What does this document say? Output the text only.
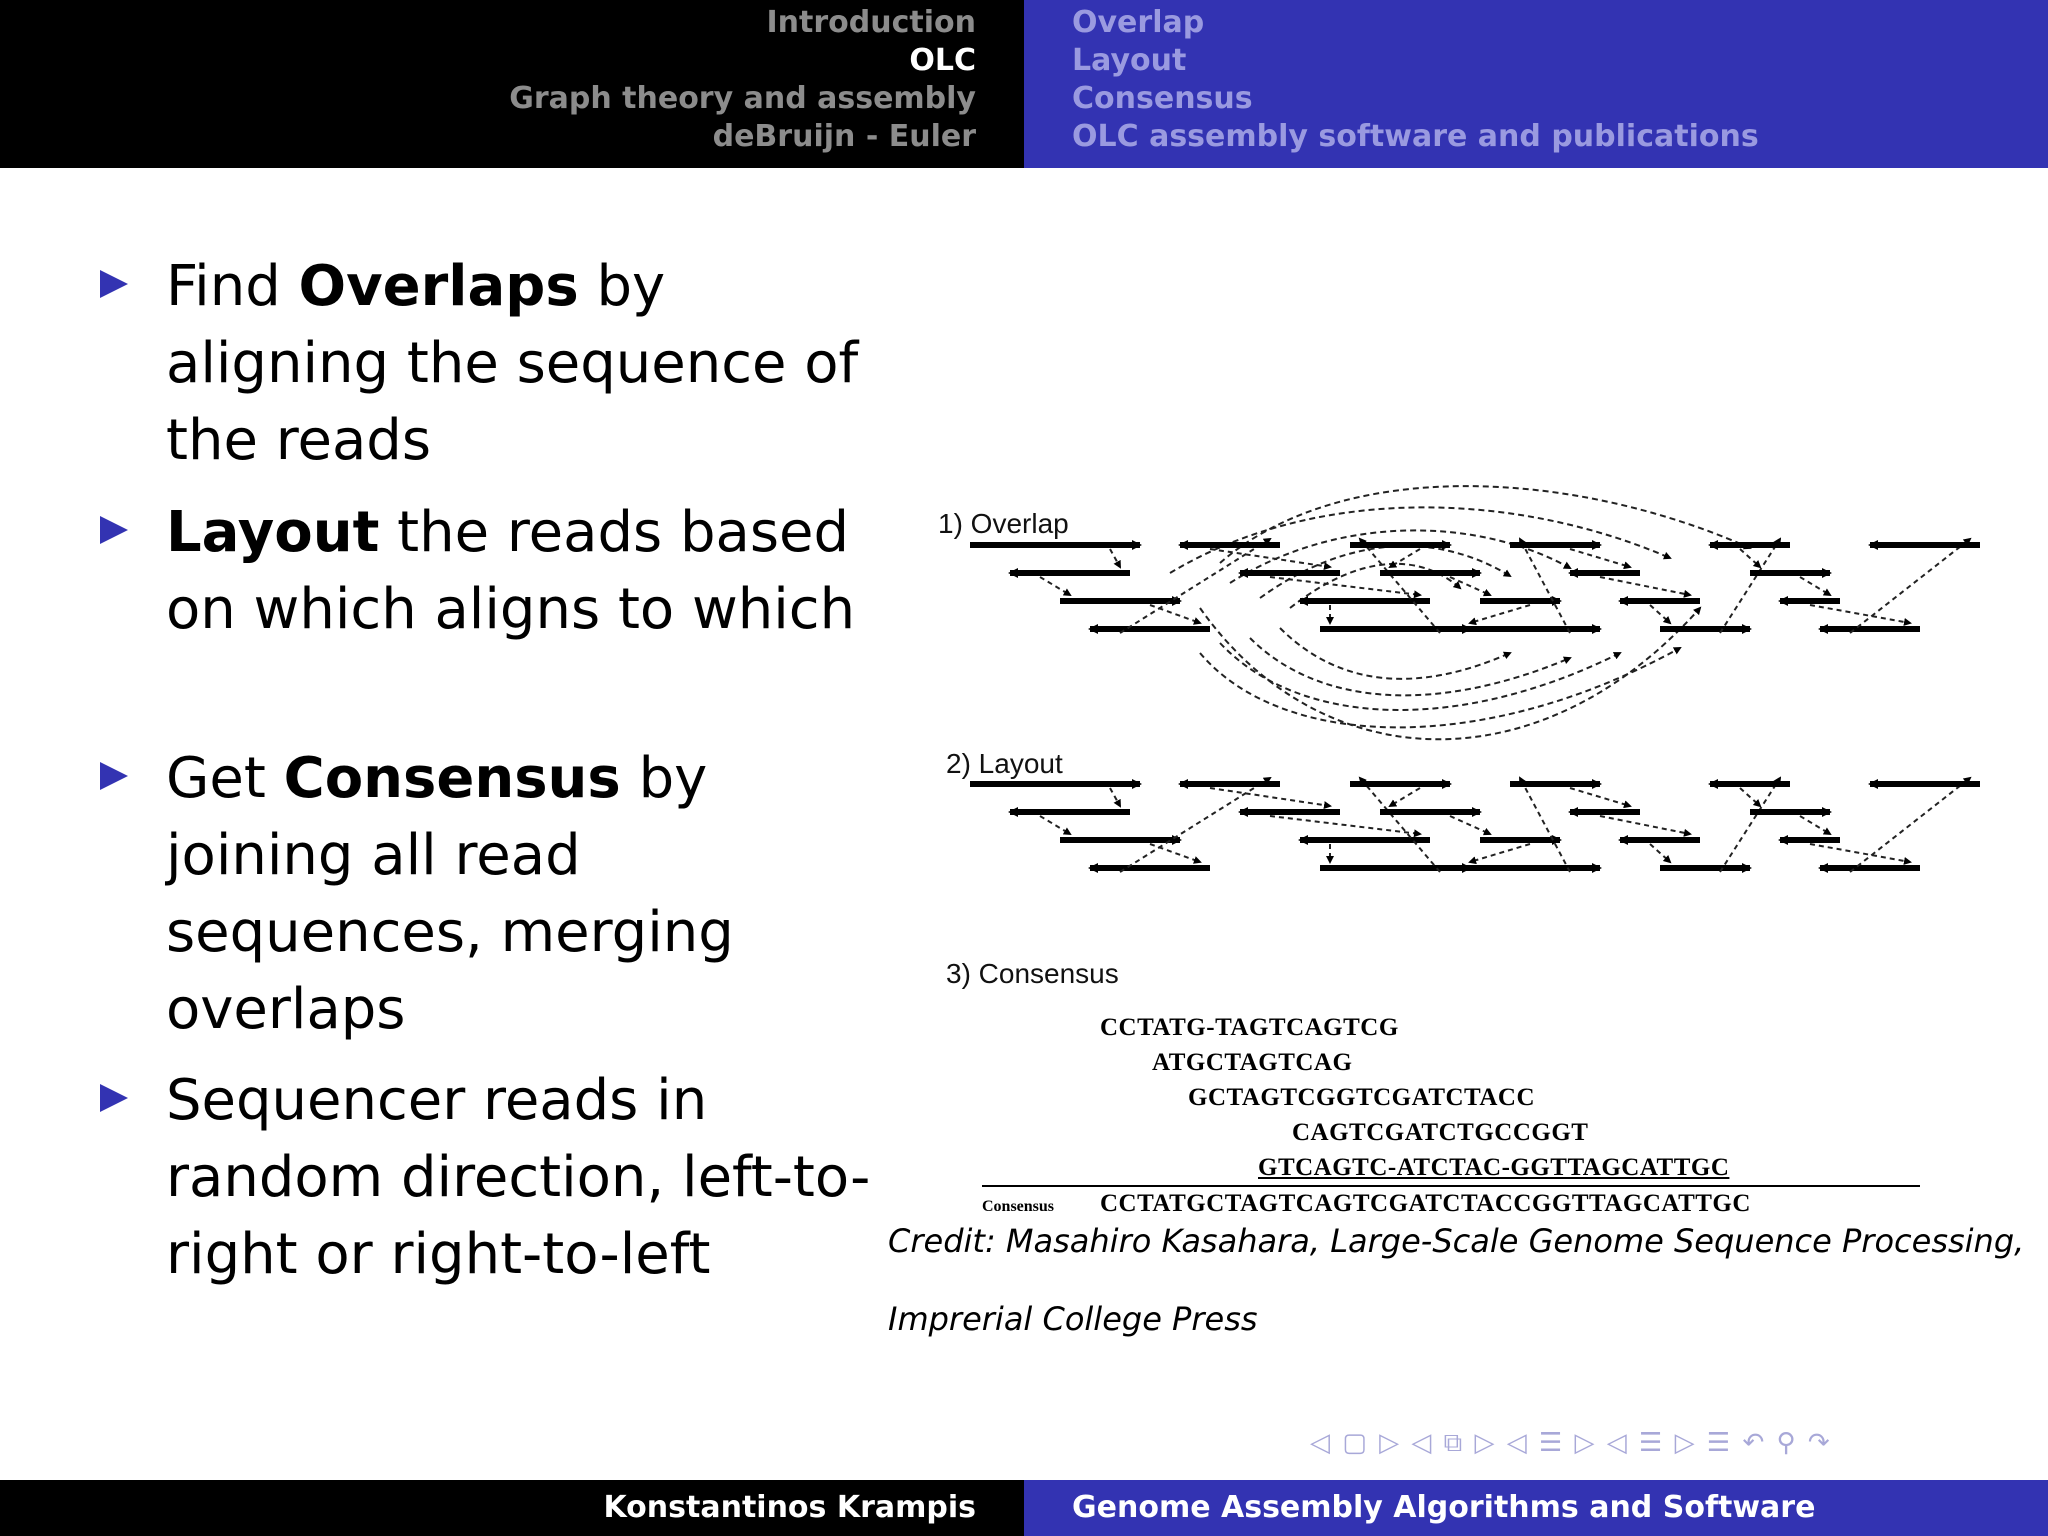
Introduction
OLC
Graph theory and assembly
deBruijn - Euler
Overlap
Layout
Consensus
OLC assembly software and publications
Find Overlaps by aligning the sequence of the reads
Layout the reads based on which aligns to which
Get Consensus by joining all read sequences, merging overlaps
Sequencer reads in random direction, left-to-right or right-to-left
1) Overlap
2) Layout
3) Consensus
CCTATG-TAGTCAGTCG
ATGCTAGTCAG
GCTAGTCGGTCGATCTACC
CAGTCGATCTGCCGGT
GTCAGTC-ATCTAC-GGTTAGCATTGC
Consensus CCTATGCTAGTCAGTCGATCTACCGGTTAGCATTGC
Credit: Masahiro Kasahara, Large-Scale Genome Sequence Processing,
Imprerial College Press
◁ ▢ ▷ ◁ ⧉ ▷ ◁ ☰ ▷ ◁ ☰ ▷ ☰ ↶ ⚲ ↷
Konstantinos Krampis	Genome Assembly Algorithms and Software
